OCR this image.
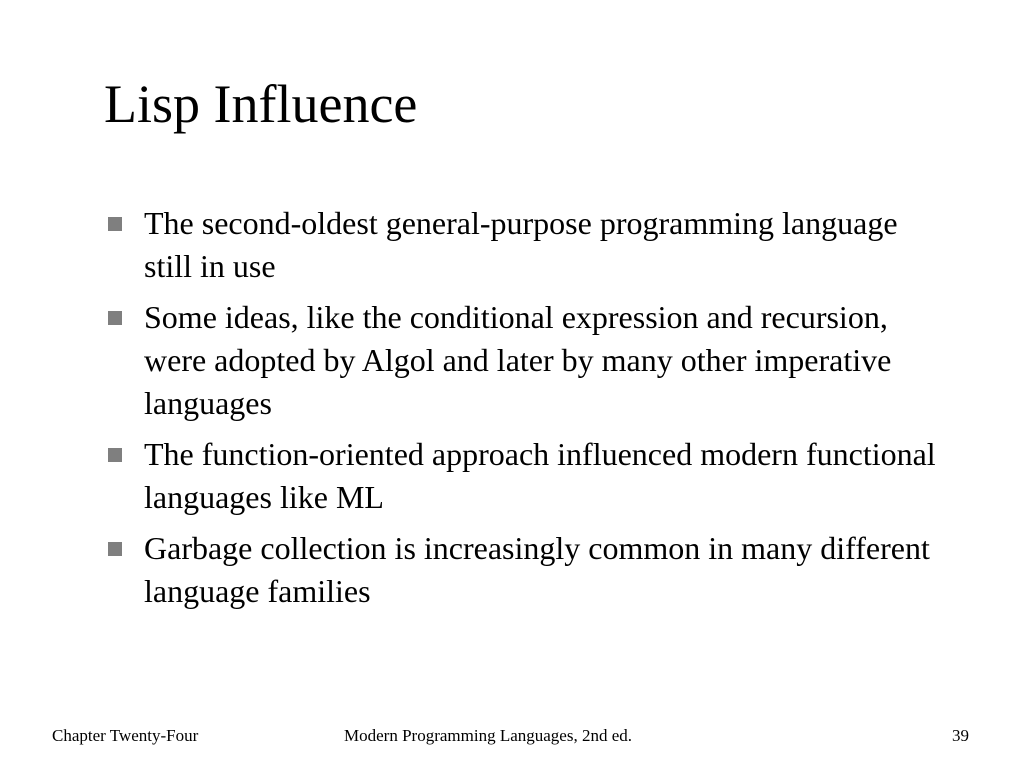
Lisp Influence
The second-oldest general-purpose programming language still in use
Some ideas, like the conditional expression and recursion, were adopted by Algol and later by many other imperative languages
The function-oriented approach influenced modern functional languages like ML
Garbage collection is increasingly common in many different language families
Chapter Twenty-Four	Modern Programming Languages, 2nd ed.	39
